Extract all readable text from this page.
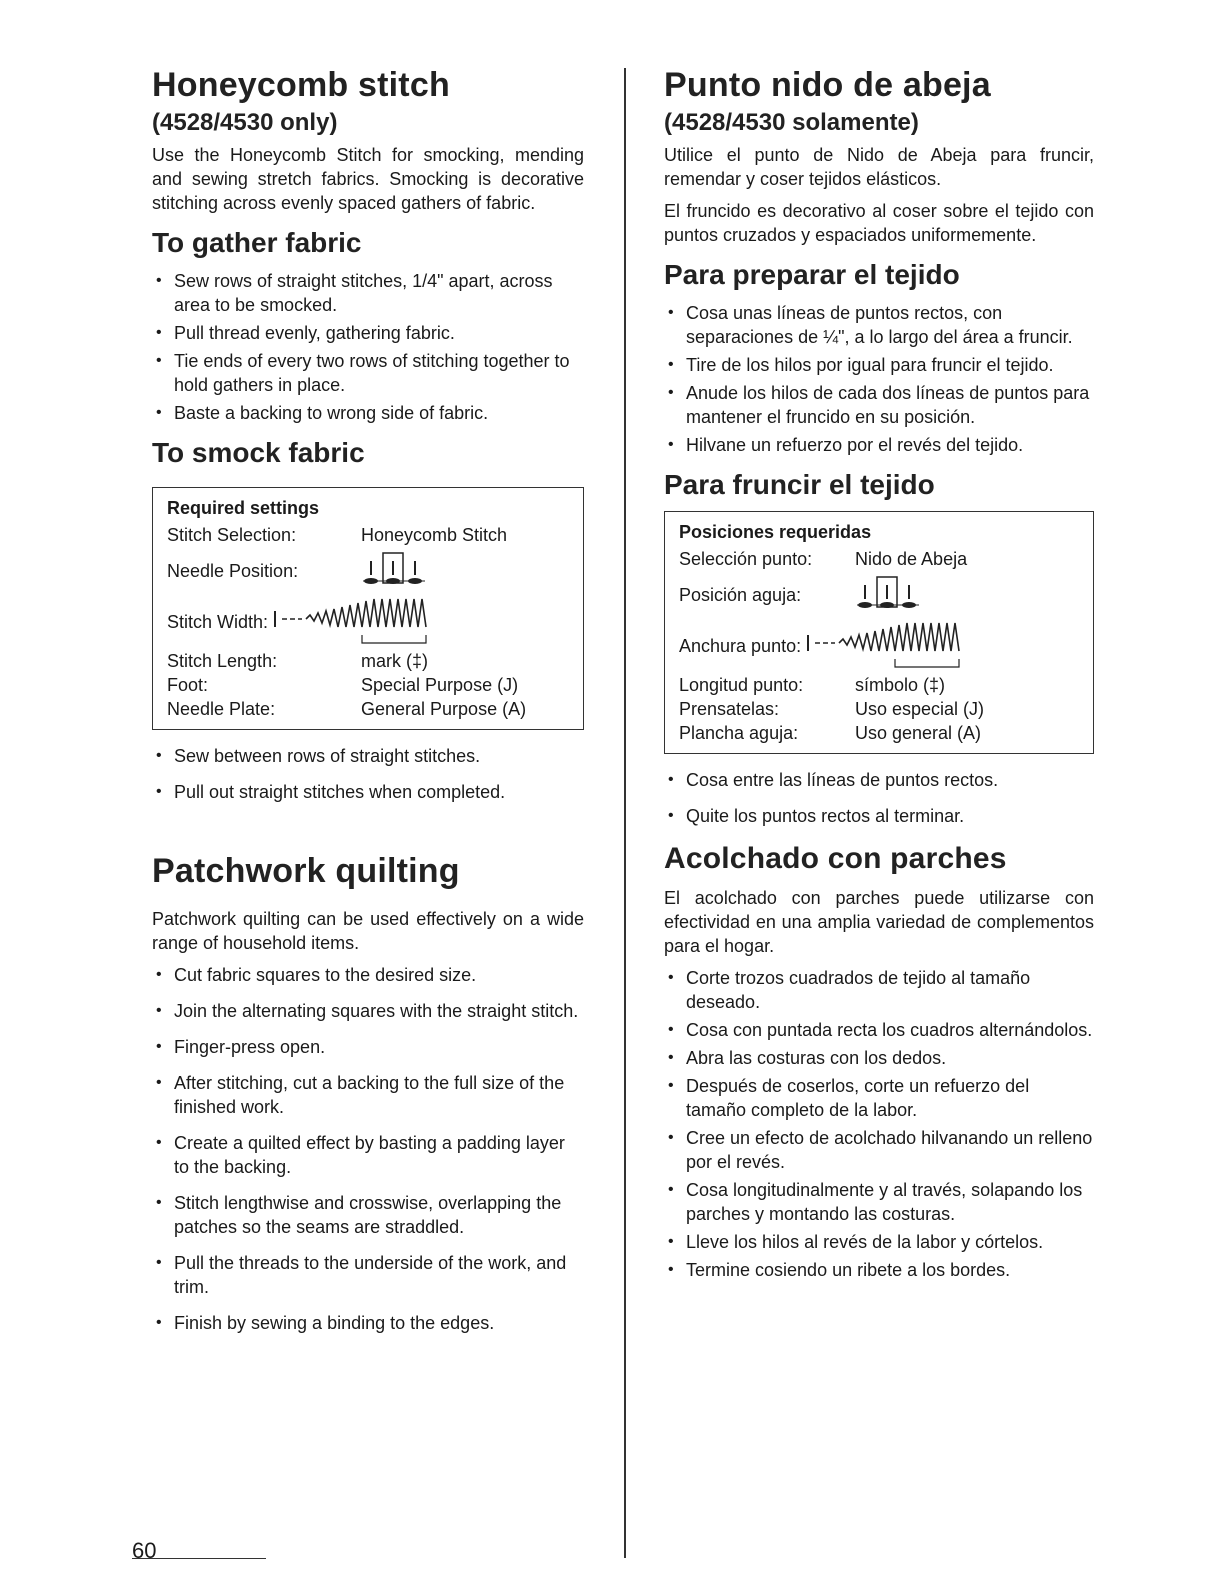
Honeycomb stitch
(4528/4530 only)

Use the Honeycomb Stitch for smocking, mending and sewing stretch fabrics. Smocking is decorative stitching across evenly spaced gathers of fabric.

To gather fabric
• Sew rows of straight stitches, 1/4" apart, across area to be smocked.
• Pull thread evenly, gathering fabric.
• Tie ends of every two rows of stitching together to hold gathers in place.
• Baste a backing to wrong side of fabric.
To smock fabric
Required settings
Stitch Selection:	Honeycomb Stitch
Needle Position:
Stitch Width:
Stitch Length:	mark (‡)
Foot:	Special Purpose (J)
Needle Plate:	General Purpose (A)
• Sew between rows of straight stitches.
• Pull out straight stitches when completed.
Patchwork quilting

Patchwork quilting can be used effectively on a wide range of household items.

• Cut fabric squares to the desired size.
• Join the alternating squares with the straight stitch.
• Finger-press open.
• After stitching, cut a backing to the full size of the finished work.
• Create a quilted effect by basting a padding layer to the backing.
• Stitch lengthwise and crosswise, overlapping the patches so the seams are straddled.
• Pull the threads to the underside of the work, and trim.
• Finish by sewing a binding to the edges.
Punto nido de abeja
(4528/4530 solamente)

Utilice el punto de Nido de Abeja para fruncir, remendar y coser tejidos elásticos.

El fruncido es decorativo al coser sobre el tejido con puntos cruzados y espaciados uniformemente.

Para preparar el tejido
• Cosa unas líneas de puntos rectos, con separaciones de ¼", a lo largo del área a fruncir.
• Tire de los hilos por igual para fruncir el tejido.
• Anude los hilos de cada dos líneas de puntos para mantener el fruncido en su posición.
• Hilvane un refuerzo por el revés del tejido.
Para fruncir el tejido
Posiciones requeridas
Selección punto:	Nido de Abeja
Posición aguja:
Anchura punto:
Longitud punto:	símbolo (‡)
Prensatelas:	Uso especial (J)
Plancha aguja:	Uso general (A)
• Cosa entre las líneas de puntos rectos.
• Quite los puntos rectos al terminar.
Acolchado con parches

El acolchado con parches puede utilizarse con efectividad en una amplia variedad de complementos para el hogar.

• Corte trozos cuadrados de tejido al tamaño deseado.
• Cosa con puntada recta los cuadros alternándolos.
• Abra las costuras con los dedos.
• Después de coserlos, corte un refuerzo del tamaño completo de la labor.
• Cree un efecto de acolchado hilvanando un relleno por el revés.
• Cosa longitudinalmente y al través, solapando los parches y montando las costuras.
• Lleve los hilos al revés de la labor y córtelos.
• Termine cosiendo un ribete a los bordes.
60
